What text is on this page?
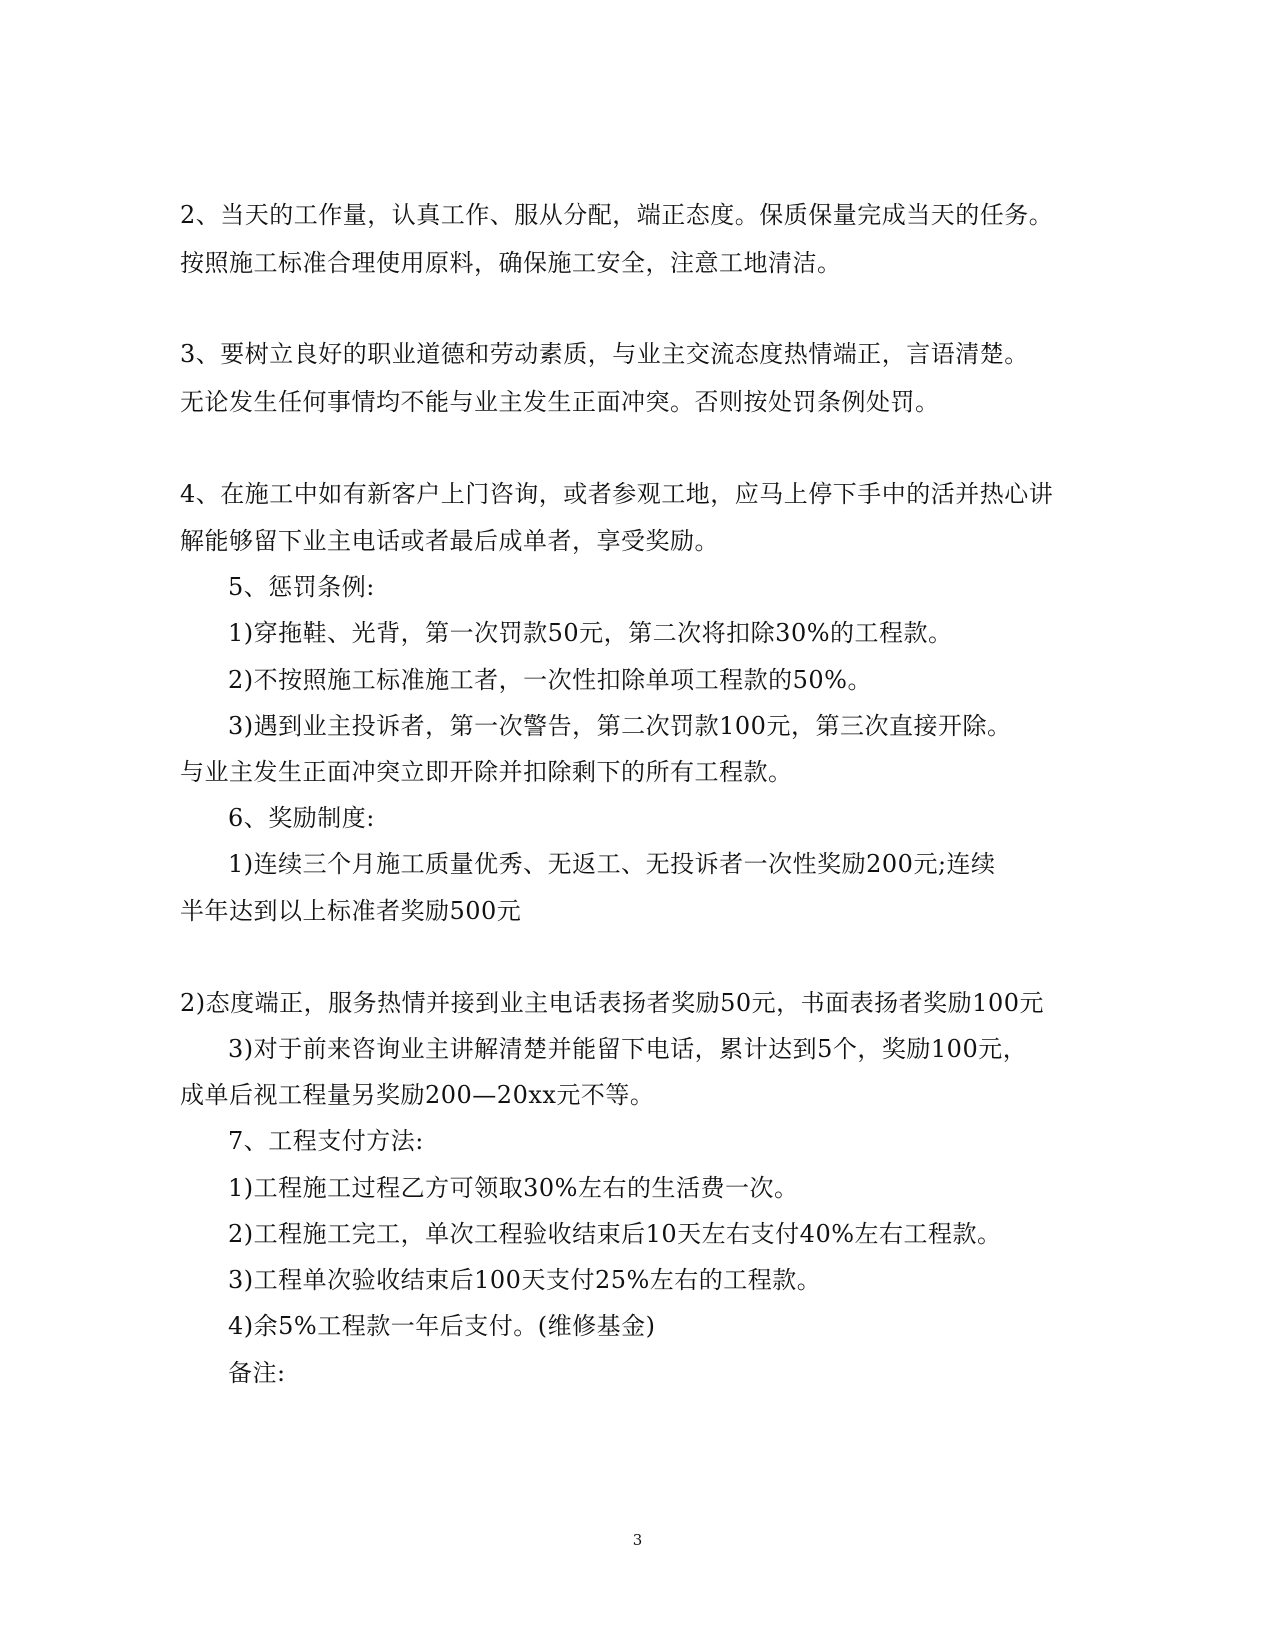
2、当天的工作量，认真工作、服从分配，端正态度。保质保量完成当天的任务。
按照施工标准合理使用原料，确保施工安全，注意工地清洁。
3、要树立良好的职业道德和劳动素质，与业主交流态度热情端正，言语清楚。
无论发生任何事情均不能与业主发生正面冲突。否则按处罚条例处罚。
4、在施工中如有新客户上门咨询，或者参观工地，应马上停下手中的活并热心讲
解能够留下业主电话或者最后成单者，享受奖励。
5、惩罚条例:
1)穿拖鞋、光背，第一次罚款50元，第二次将扣除30%的工程款。
2)不按照施工标准施工者，一次性扣除单项工程款的50%。
3)遇到业主投诉者，第一次警告，第二次罚款100元，第三次直接开除。
与业主发生正面冲突立即开除并扣除剩下的所有工程款。
6、奖励制度:
1)连续三个月施工质量优秀、无返工、无投诉者一次性奖励200元;连续
半年达到以上标准者奖励500元
2)态度端正，服务热情并接到业主电话表扬者奖励50元，书面表扬者奖励100元
3)对于前来咨询业主讲解清楚并能留下电话，累计达到5个，奖励100元，
成单后视工程量另奖励200—20xx元不等。
7、工程支付方法:
1)工程施工过程乙方可领取30%左右的生活费一次。
2)工程施工完工，单次工程验收结束后10天左右支付40%左右工程款。
3)工程单次验收结束后100天支付25%左右的工程款。
4)余5%工程款一年后支付。(维修基金)
备注:
3
